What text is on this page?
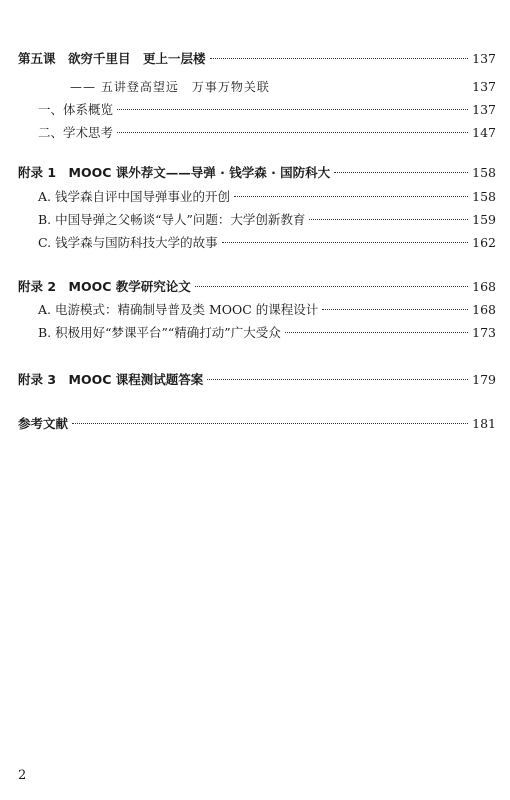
第五课　欲穷千里目　更上一层楼	137
—— 五讲登高望远　万事万物关联	137
一、体系概览	137
二、学术思考	147
附录 1　MOOC 课外荐文——导弹 · 钱学森 · 国防科大	158
A. 钱学森自评中国导弹事业的开创	158
B. 中国导弹之父畅谈“导人”问题：大学创新教育	159
C. 钱学森与国防科技大学的故事	162
附录 2　MOOC 教学研究论文	168
A. 电游模式：精确制导普及类 MOOC 的课程设计	168
B. 积极用好“梦课平台”“精确打动”广大受众	173
附录 3　MOOC 课程测试题答案	179
参考文献	181
2
